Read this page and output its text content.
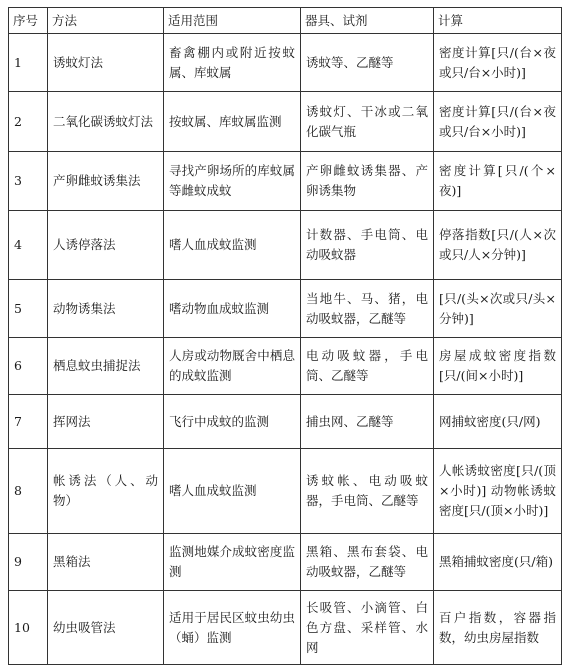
序号	方法	适用范围	器具、试剂	计算
1	诱蚊灯法	畜禽棚内或附近按蚊属、库蚊属	诱蚊等、乙醚等	密度计算[只/(台×夜或只/台×小时)]
2	二氧化碳诱蚊灯法	按蚊属、库蚊属监测	诱蚊灯、干冰或二氧化碳气瓶	密度计算[只/(台×夜或只/台×小时)]
3	产卵雌蚊诱集法	寻找产卵场所的库蚊属等雌蚊成蚊	产卵雌蚊诱集器、产卵诱集物	密度计算[只/(个×夜)]
4	人诱停落法	嗜人血成蚊监测	计数器、手电筒、电动吸蚊器	停落指数[只/(人×次或只/人×分钟)]
5	动物诱集法	嗜动物血成蚊监测	当地牛、马、猪，电动吸蚊器，乙醚等	[只/(头×次或只/头×分钟)]
6	栖息蚊虫捕捉法	人房或动物厩舍中栖息的成蚊监测	电动吸蚊器，手电筒、乙醚等	房屋成蚊密度指数[只/(间×小时)]
7	挥网法	飞行中成蚊的监测	捕虫网、乙醚等	网捕蚊密度(只/网)
8	帐诱法（人、动物）	嗜人血成蚊监测	诱蚊帐、电动吸蚊器，手电筒、乙醚等	人帐诱蚊密度[只/(顶×小时)] 动物帐诱蚊密度[只/(顶×小时)]
9	黑箱法	监测地媒介成蚊密度监测	黑箱、黑布套袋、电动吸蚊器，乙醚等	黑箱捕蚊密度(只/箱)
10	幼虫吸管法	适用于居民区蚊虫幼虫（蛹）监测	长吸管、小滴管、白色方盘、采样管、水网	百户指数，容器指数，幼虫房屋指数
